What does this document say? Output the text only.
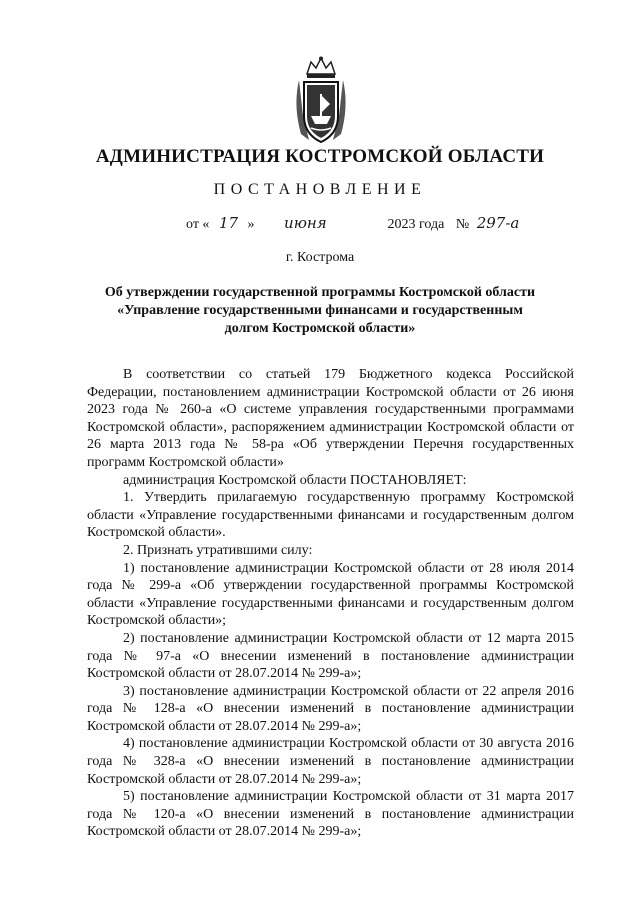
АДМИНИСТРАЦИЯ КОСТРОМСКОЙ ОБЛАСТИ
ПОСТАНОВЛЕНИЕ
от « 17 » июня	2023 года № 297-а
г. Кострома
Об утверждении государственной программы Костромской области
«Управление государственными финансами и государственным
долгом Костромской области»

В соответствии со статьей 179 Бюджетного кодекса Российской Федерации, постановлением администрации Костромской области от 26 июня 2023 года № 260-а «О системе управления государственными программами Костромской области», распоряжением администрации Костромской области от 26 марта 2013 года № 58-ра «Об утверждении Перечня государственных программ Костромской области»

администрация Костромской области ПОСТАНОВЛЯЕТ:

1. Утвердить прилагаемую государственную программу Костромской области «Управление государственными финансами и государственным долгом Костромской области».

2. Признать утратившими силу:

1) постановление администрации Костромской области от 28 июля 2014 года № 299-а «Об утверждении государственной программы Костромской области «Управление государственными финансами и государственным долгом Костромской области»;

2) постановление администрации Костромской области от 12 марта 2015 года № 97-а «О внесении изменений в постановление администрации Костромской области от 28.07.2014 № 299-а»;

3) постановление администрации Костромской области от 22 апреля 2016 года № 128-а «О внесении изменений в постановление администрации Костромской области от 28.07.2014 № 299-а»;

4) постановление администрации Костромской области от 30 августа 2016 года № 328-а «О внесении изменений в постановление администрации Костромской области от 28.07.2014 № 299-а»;

5) постановление администрации Костромской области от 31 марта 2017 года № 120-а «О внесении изменений в постановление администрации Костромской области от 28.07.2014 № 299-а»;
